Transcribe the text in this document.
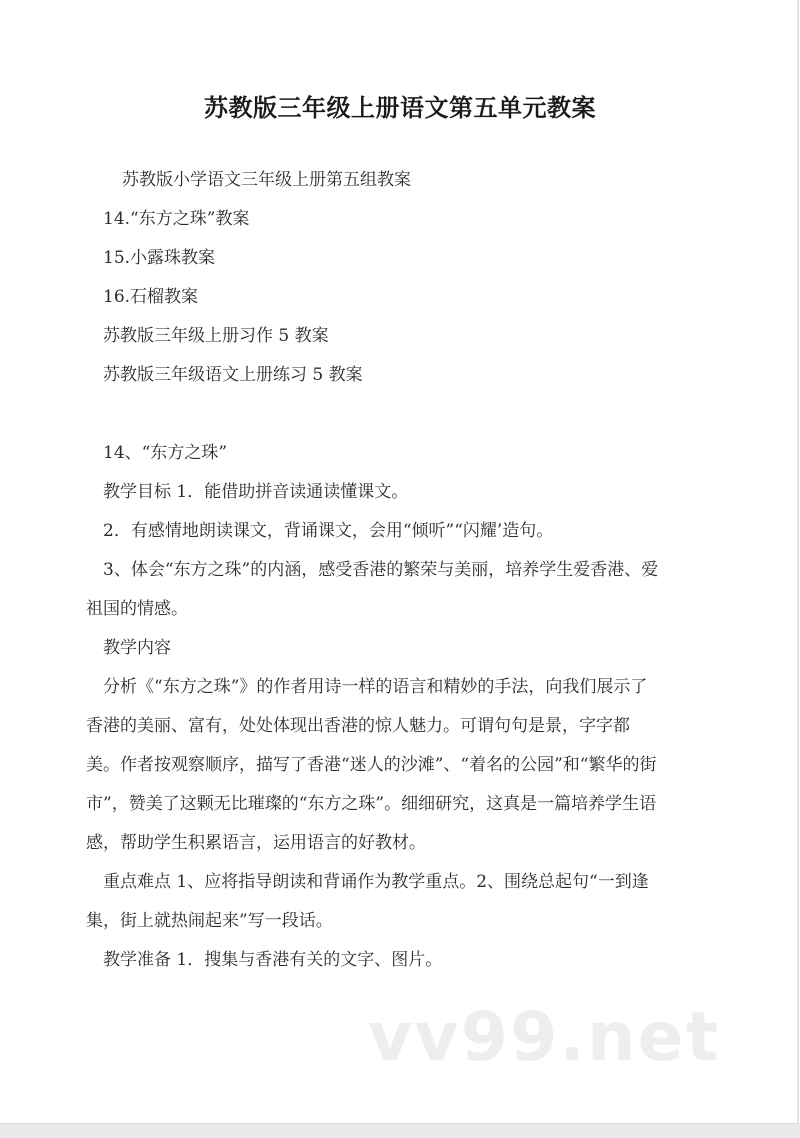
苏教版三年级上册语文第五单元教案
苏教版小学语文三年级上册第五组教案
14.“东方之珠”教案
15.小露珠教案
16.石榴教案
苏教版三年级上册习作 5 教案
苏教版三年级语文上册练习 5 教案
14、“东方之珠”
教学目标 1．能借助拼音读通读懂课文。
2．有感情地朗读课文，背诵课文，会用“倾听”“闪耀’造句。
3、体会“东方之珠”的内涵，感受香港的繁荣与美丽，培养学生爱香港、爱
祖国的情感。
教学内容
分析《“东方之珠”》的作者用诗一样的语言和精妙的手法，向我们展示了
香港的美丽、富有，处处体现出香港的惊人魅力。可谓句句是景，字字都
美。作者按观察顺序，描写了香港“迷人的沙滩”、“着名的公园”和“繁华的街
市”，赞美了这颗无比璀璨的“东方之珠”。细细研究，这真是一篇培养学生语
感，帮助学生积累语言，运用语言的好教材。
重点难点 1、应将指导朗读和背诵作为教学重点。2、围绕总起句“一到逢
集，街上就热闹起来”写一段话。
教学准备 1．搜集与香港有关的文字、图片。
vv99.net
